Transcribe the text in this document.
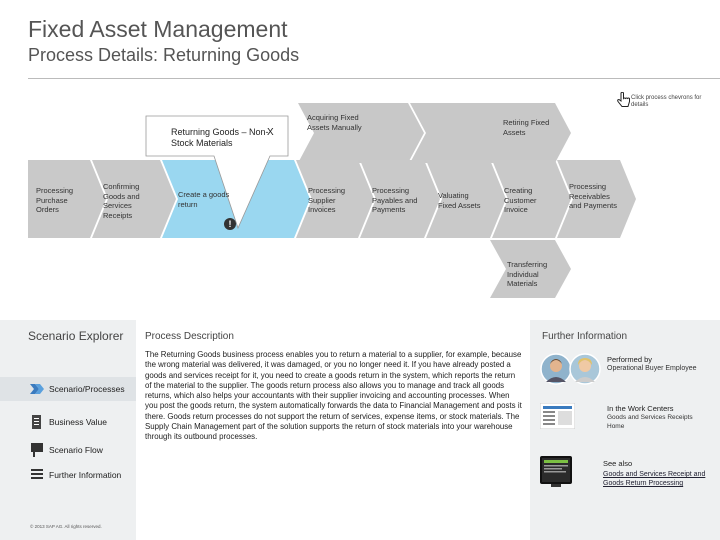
Fixed Asset Management
Process Details: Returning Goods
Click process chevrons for details
Returning Goods – Non-Stock Materials
X
!
Processing Purchase Orders
Confirming Goods and Services Receipts
Create a goods return
Processing Supplier Invoices
Processing Payables and Payments
Valuating Fixed Assets
Creating Customer Invoice
Processing Receivables and Payments
Acquiring Fixed Assets Manually	Retiring Fixed Assets
Transferring Individual Materials
Scenario Explorer
Scenario/Processes
Business Value
Scenario Flow
Further Information
© 2013 SAP AG. All rights reserved.
Process Description
The Returning Goods business process enables you to return a material to a supplier, for example, because the wrong material was delivered, it was damaged, or you no longer need it. If you have already posted a goods and services receipt for it, you need to create a goods return in the system, which reports the return of the material to the supplier. The goods return process also allows you to manage and track all goods returns, which also helps your accountants with their supplier invoicing and accounting processes. When you post the goods return, the system automatically forwards the data to Financial Management and posts it there. Goods return processes do not support the return of services, expense items, or stock materials. The Supply Chain Management part of the solution supports the return of stock materials into your warehouse through its outbound processes.
Further Information
Performed by
Operational Buyer Employee
In the Work Centers
Goods and Services Receipts Home
See also
Goods and Services Receipt and Goods Return Processing
